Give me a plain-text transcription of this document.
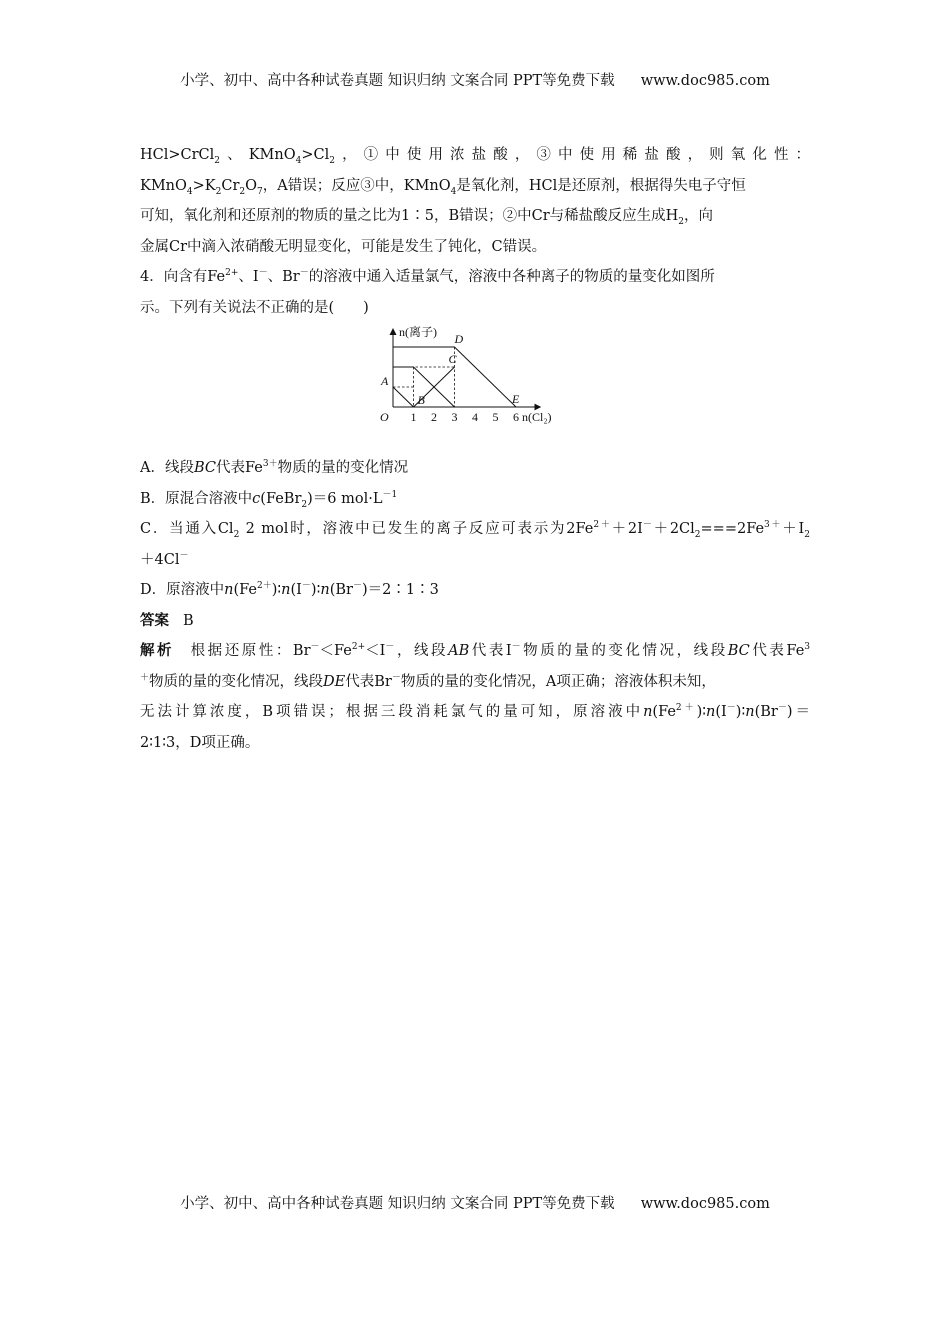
小学、初中、高中各种试卷真题 知识归纳 文案合同 PPT等免费下载 www.doc985.com
HCl>CrCl$_2$、$KMnO_4>Cl_2$，①中使用浓盐酸，③中使用稀盐酸，则氧化性：
$KMnO_4>K_2Cr_2O_7$，A错误；反应③中，KMnO$_4$是氧化剂，HCl是还原剂，根据得失电子守恒
可知，氧化剂和还原剂的物质的量之比为1∶5，B错误；②中Cr与稀盐酸反应生成$H_2$，向
金属Cr中滴入浓硝酸无明显变化，可能是发生了钝化，C错误。
4．向含有$Fe^{2+}$、I－、Br－的溶液中通入适量氯气，溶液中各种离子的物质的量变化如图所
示。下列有关说法不正确的是(　　)
n(离子)
n(Cl₂)
O 1 2 3 4 5 6
A
B
C
D
E
A．线段BC代表$Fe^{3+}$物质的量的变化情况
B．原混合溶液中c(FeBr$_2$)＝6 $mol\cdot L^{-1}$
C．当通入$Cl_2$ 2 mol时，溶液中已发生的离子反应可表示为$2Fe^{2+}+2I^-+2Cl_2===2Fe^{3+}+I_2$
＋4Cl－
D．原溶液中$n(Fe^{2+})∶n(I^-)∶n(Br^-)=2∶1∶3$
答案 B
解析 根据还原性：$Br^-<Fe^{2+}<I^-$，线段AB代表I－物质的量的变化情况，线段BC代表Fe$^3$
＋物质的量的变化情况，线段DE代表Br－物质的量的变化情况，A项正确；溶液体积未知，
无法计算浓度，B项错误；根据三段消耗氯气的量可知，原溶液中$n(Fe^{2+})∶n(I^-)∶n(Br^-)=$
2∶1∶3，D项正确。
小学、初中、高中各种试卷真题 知识归纳 文案合同 PPT等免费下载 www.doc985.com
